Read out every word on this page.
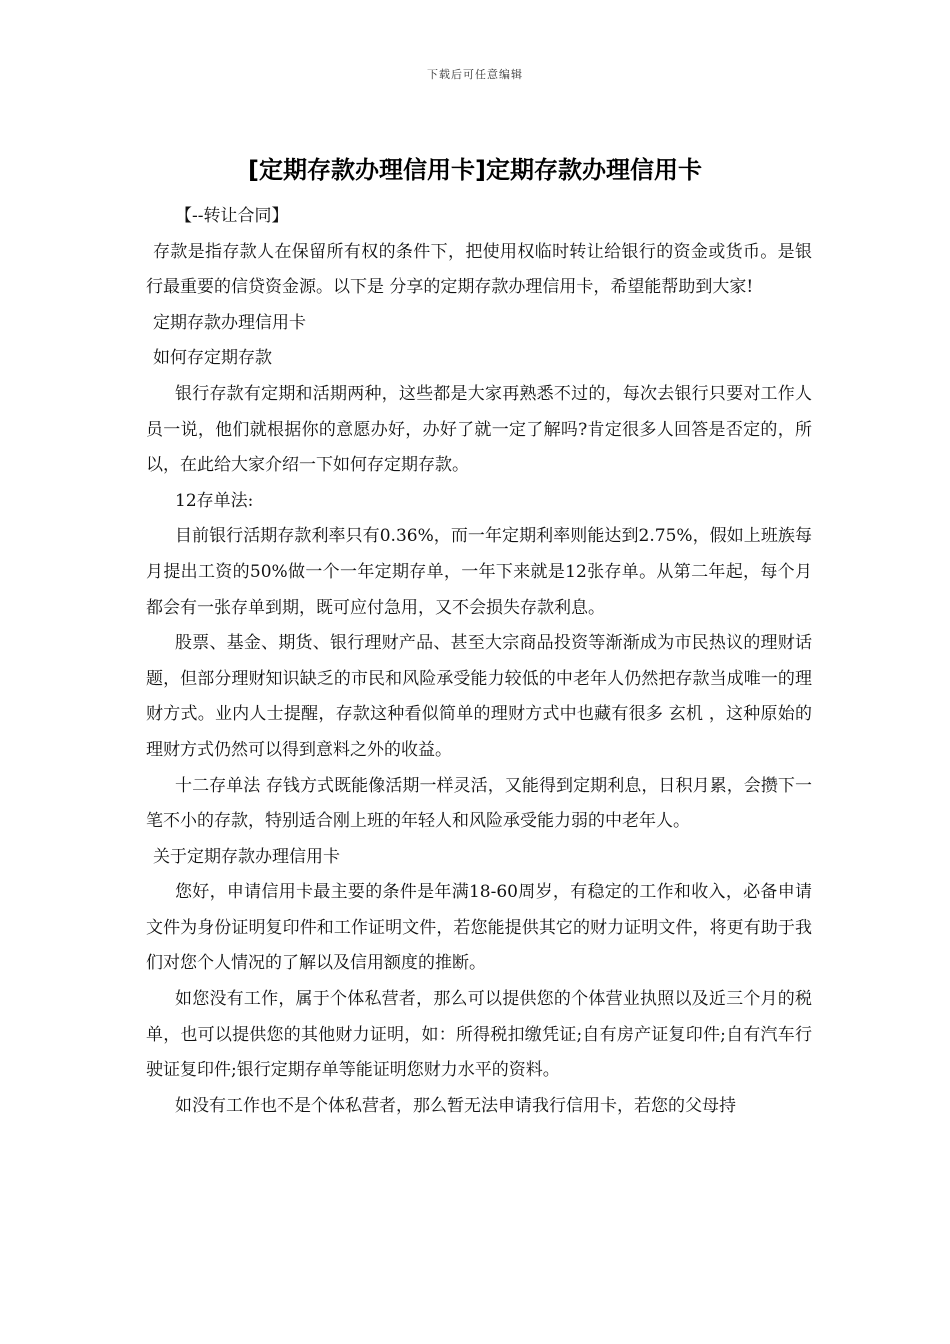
下载后可任意编辑
[定期存款办理信用卡]定期存款办理信用卡

【--转让合同】

存款是指存款人在保留所有权的条件下，把使用权临时转让给银行的资金或货币。是银行最重要的信贷资金源。以下是 分享的定期存款办理信用卡，希望能帮助到大家!

定期存款办理信用卡

如何存定期存款

银行存款有定期和活期两种，这些都是大家再熟悉不过的，每次去银行只要对工作人员一说，他们就根据你的意愿办好，办好了就一定了解吗?肯定很多人回答是否定的，所以，在此给大家介绍一下如何存定期存款。

12存单法:

目前银行活期存款利率只有0.36%，而一年定期利率则能达到2.75%，假如上班族每月提出工资的50%做一个一年定期存单，一年下来就是12张存单。从第二年起，每个月都会有一张存单到期，既可应付急用，又不会损失存款利息。

股票、基金、期货、银行理财产品、甚至大宗商品投资等渐渐成为市民热议的理财话题，但部分理财知识缺乏的市民和风险承受能力较低的中老年人仍然把存款当成唯一的理财方式。业内人士提醒，存款这种看似简单的理财方式中也藏有很多 玄机 ，这种原始的理财方式仍然可以得到意料之外的收益。

十二存单法 存钱方式既能像活期一样灵活，又能得到定期利息，日积月累，会攒下一笔不小的存款，特别适合刚上班的年轻人和风险承受能力弱的中老年人。

关于定期存款办理信用卡

您好，申请信用卡最主要的条件是年满18-60周岁，有稳定的工作和收入，必备申请文件为身份证明复印件和工作证明文件，若您能提供其它的财力证明文件，将更有助于我们对您个人情况的了解以及信用额度的推断。

如您没有工作，属于个体私营者，那么可以提供您的个体营业执照以及近三个月的税单，也可以提供您的其他财力证明，如：所得税扣缴凭证;自有房产证复印件;自有汽车行驶证复印件;银行定期存单等能证明您财力水平的资料。

如没有工作也不是个体私营者，那么暂无法申请我行信用卡，若您的父母持
